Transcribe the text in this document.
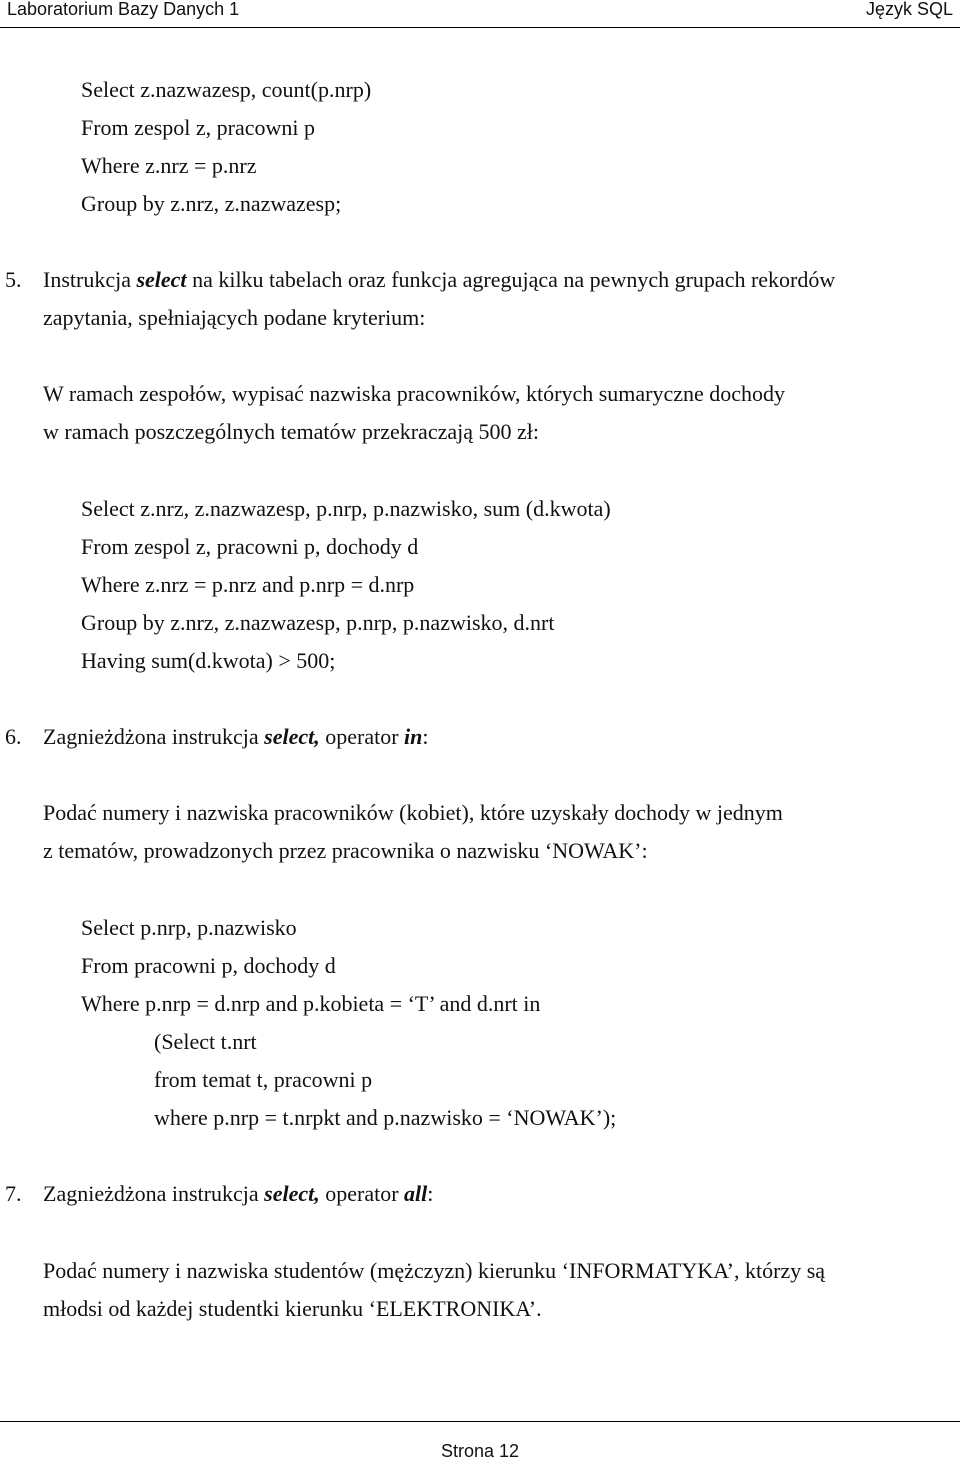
Laboratorium Bazy Danych 1	Język SQL
Select z.nazwazesp, count(p.nrp)
From zespol z, pracowni p
Where z.nrz = p.nrz
Group by z.nrz, z.nazwazesp;
5. Instrukcja select na kilku tabelach oraz funkcja agregująca na pewnych grupach rekordów
zapytania, spełniających podane kryterium:
W ramach zespołów, wypisać nazwiska pracowników, których sumaryczne dochody
w ramach poszczególnych tematów przekraczają 500 zł:
Select z.nrz, z.nazwazesp, p.nrp, p.nazwisko, sum (d.kwota)
From zespol z, pracowni p, dochody d
Where z.nrz = p.nrz and p.nrp = d.nrp
Group by z.nrz, z.nazwazesp, p.nrp, p.nazwisko, d.nrt
Having sum(d.kwota) > 500;
6. Zagnieżdżona instrukcja select, operator in:
Podać numery i nazwiska pracowników (kobiet), które uzyskały dochody w jednym
z tematów, prowadzonych przez pracownika o nazwisku ‘NOWAK’:
Select p.nrp, p.nazwisko
From pracowni p, dochody d
Where p.nrp = d.nrp and p.kobieta = ‘T’ and d.nrt in
(Select t.nrt
from temat t, pracowni p
where p.nrp = t.nrpkt and p.nazwisko = ‘NOWAK’);
7. Zagnieżdżona instrukcja select, operator all:
Podać numery i nazwiska studentów (mężczyzn) kierunku ‘INFORMATYKA’, którzy są
młodsi od każdej studentki kierunku ‘ELEKTRONIKA’.
Strona 12
